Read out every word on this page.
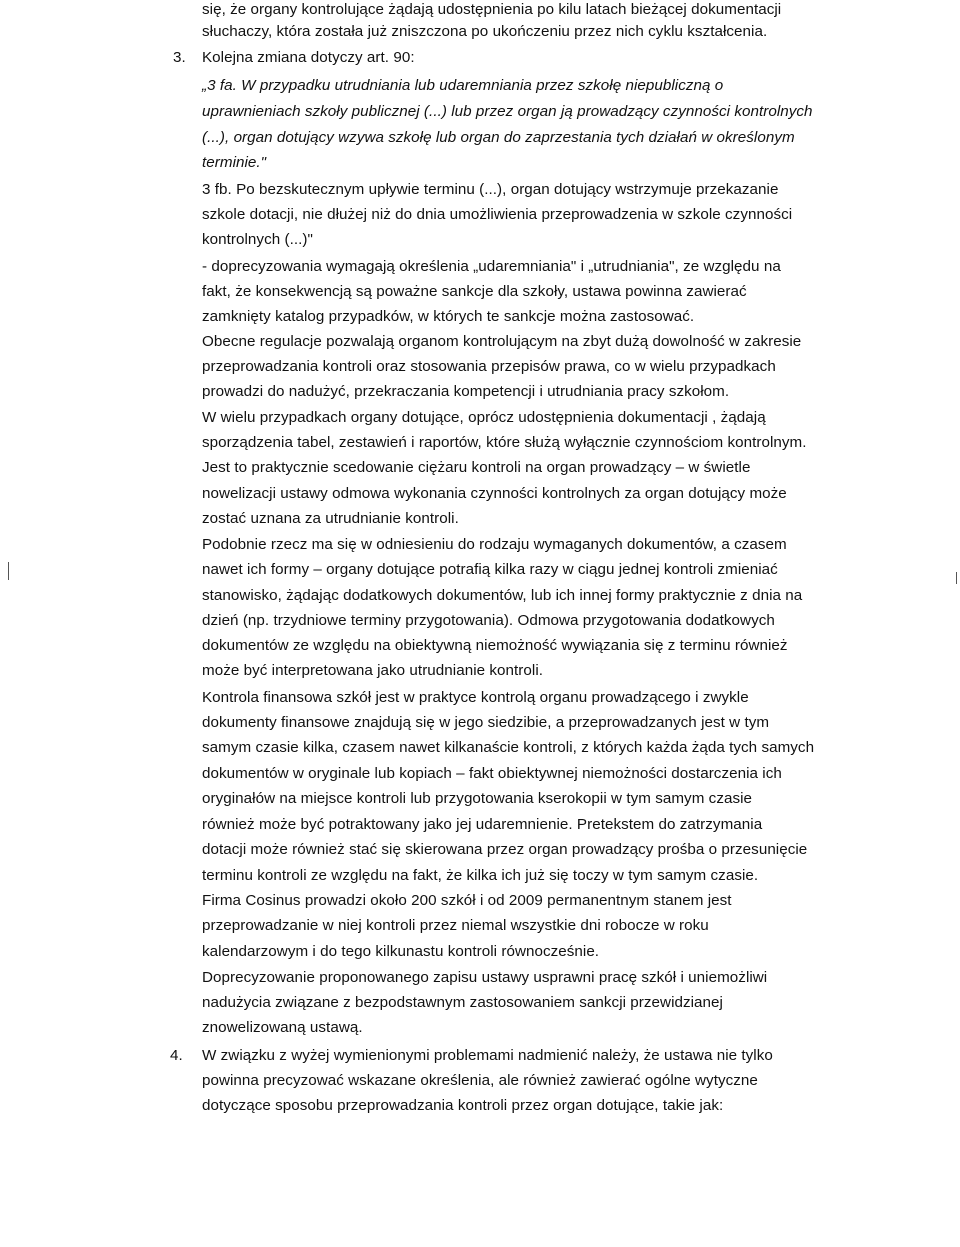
się, że organy kontrolujące żądają udostępnienia po kilu latach bieżącej dokumentacji
słuchaczy, która została już zniszczona po ukończeniu przez nich cyklu kształcenia.
3. Kolejna zmiana dotyczy art. 90:
„3 fa. W przypadku utrudniania lub udaremniania przez szkołę niepubliczną o
uprawnieniach szkoły publicznej (...) lub przez organ ją prowadzący czynności kontrolnych
(...), organ dotujący wzywa szkołę lub organ do zaprzestania tych działań w określonym
terminie."
3 fb. Po bezskutecznym upływie terminu (...), organ dotujący wstrzymuje przekazanie
szkole dotacji, nie dłużej niż do dnia umożliwienia przeprowadzenia w szkole czynności
kontrolnych (...)"
- doprecyzowania wymagają określenia „udaremniania" i „utrudniania", ze względu na
fakt, że konsekwencją są poważne sankcje dla szkoły, ustawa powinna zawierać
zamknięty katalog przypadków, w których te sankcje można zastosować.
Obecne regulacje pozwalają organom kontrolującym na zbyt dużą dowolność w zakresie
przeprowadzania kontroli oraz stosowania przepisów prawa, co w wielu przypadkach
prowadzi do nadużyć, przekraczania kompetencji i utrudniania pracy szkołom.
W wielu przypadkach organy dotujące, oprócz udostępnienia dokumentacji , żądają
sporządzenia tabel, zestawień i raportów, które służą wyłącznie czynnościom kontrolnym.
Jest to praktycznie scedowanie ciężaru kontroli na organ prowadzący – w świetle
nowelizacji ustawy odmowa wykonania czynności kontrolnych za organ dotujący może
zostać uznana za utrudnianie kontroli.
Podobnie rzecz ma się w odniesieniu do rodzaju wymaganych dokumentów, a czasem
nawet ich formy – organy dotujące potrafią kilka razy w ciągu jednej kontroli zmieniać
stanowisko, żądając dodatkowych dokumentów, lub ich innej formy praktycznie z dnia na
dzień (np. trzydniowe terminy przygotowania). Odmowa przygotowania dodatkowych
dokumentów ze względu na obiektywną niemożność wywiązania się z terminu również
może być interpretowana jako utrudnianie kontroli.
Kontrola finansowa szkół jest w praktyce kontrolą organu prowadzącego i zwykle
dokumenty finansowe znajdują się w jego siedzibie, a przeprowadzanych jest w tym
samym czasie kilka, czasem nawet kilkanaście kontroli, z których każda żąda tych samych
dokumentów w oryginale lub kopiach – fakt obiektywnej niemożności dostarczenia ich
oryginałów na miejsce kontroli lub przygotowania kserokopii w tym samym czasie
również może być potraktowany jako jej udaremnienie. Pretekstem do zatrzymania
dotacji może również stać się skierowana przez organ prowadzący prośba o przesunięcie
terminu kontroli ze względu na fakt, że kilka ich już się toczy w tym samym czasie.
Firma Cosinus prowadzi około 200 szkół i od 2009 permanentnym stanem jest
przeprowadzanie w niej kontroli przez niemal wszystkie dni robocze w roku
kalendarzowym i do tego kilkunastu kontroli równocześnie.
Doprecyzowanie proponowanego zapisu ustawy usprawni pracę szkół i uniemożliwi
nadużycia związane z bezpodstawnym zastosowaniem sankcji przewidzianej
znowelizowaną ustawą.
4. W związku z wyżej wymienionymi problemami nadmienić należy, że ustawa nie tylko
powinna precyzować wskazane określenia, ale również zawierać ogólne wytyczne
dotyczące sposobu przeprowadzania kontroli przez organ dotujące, takie jak:
